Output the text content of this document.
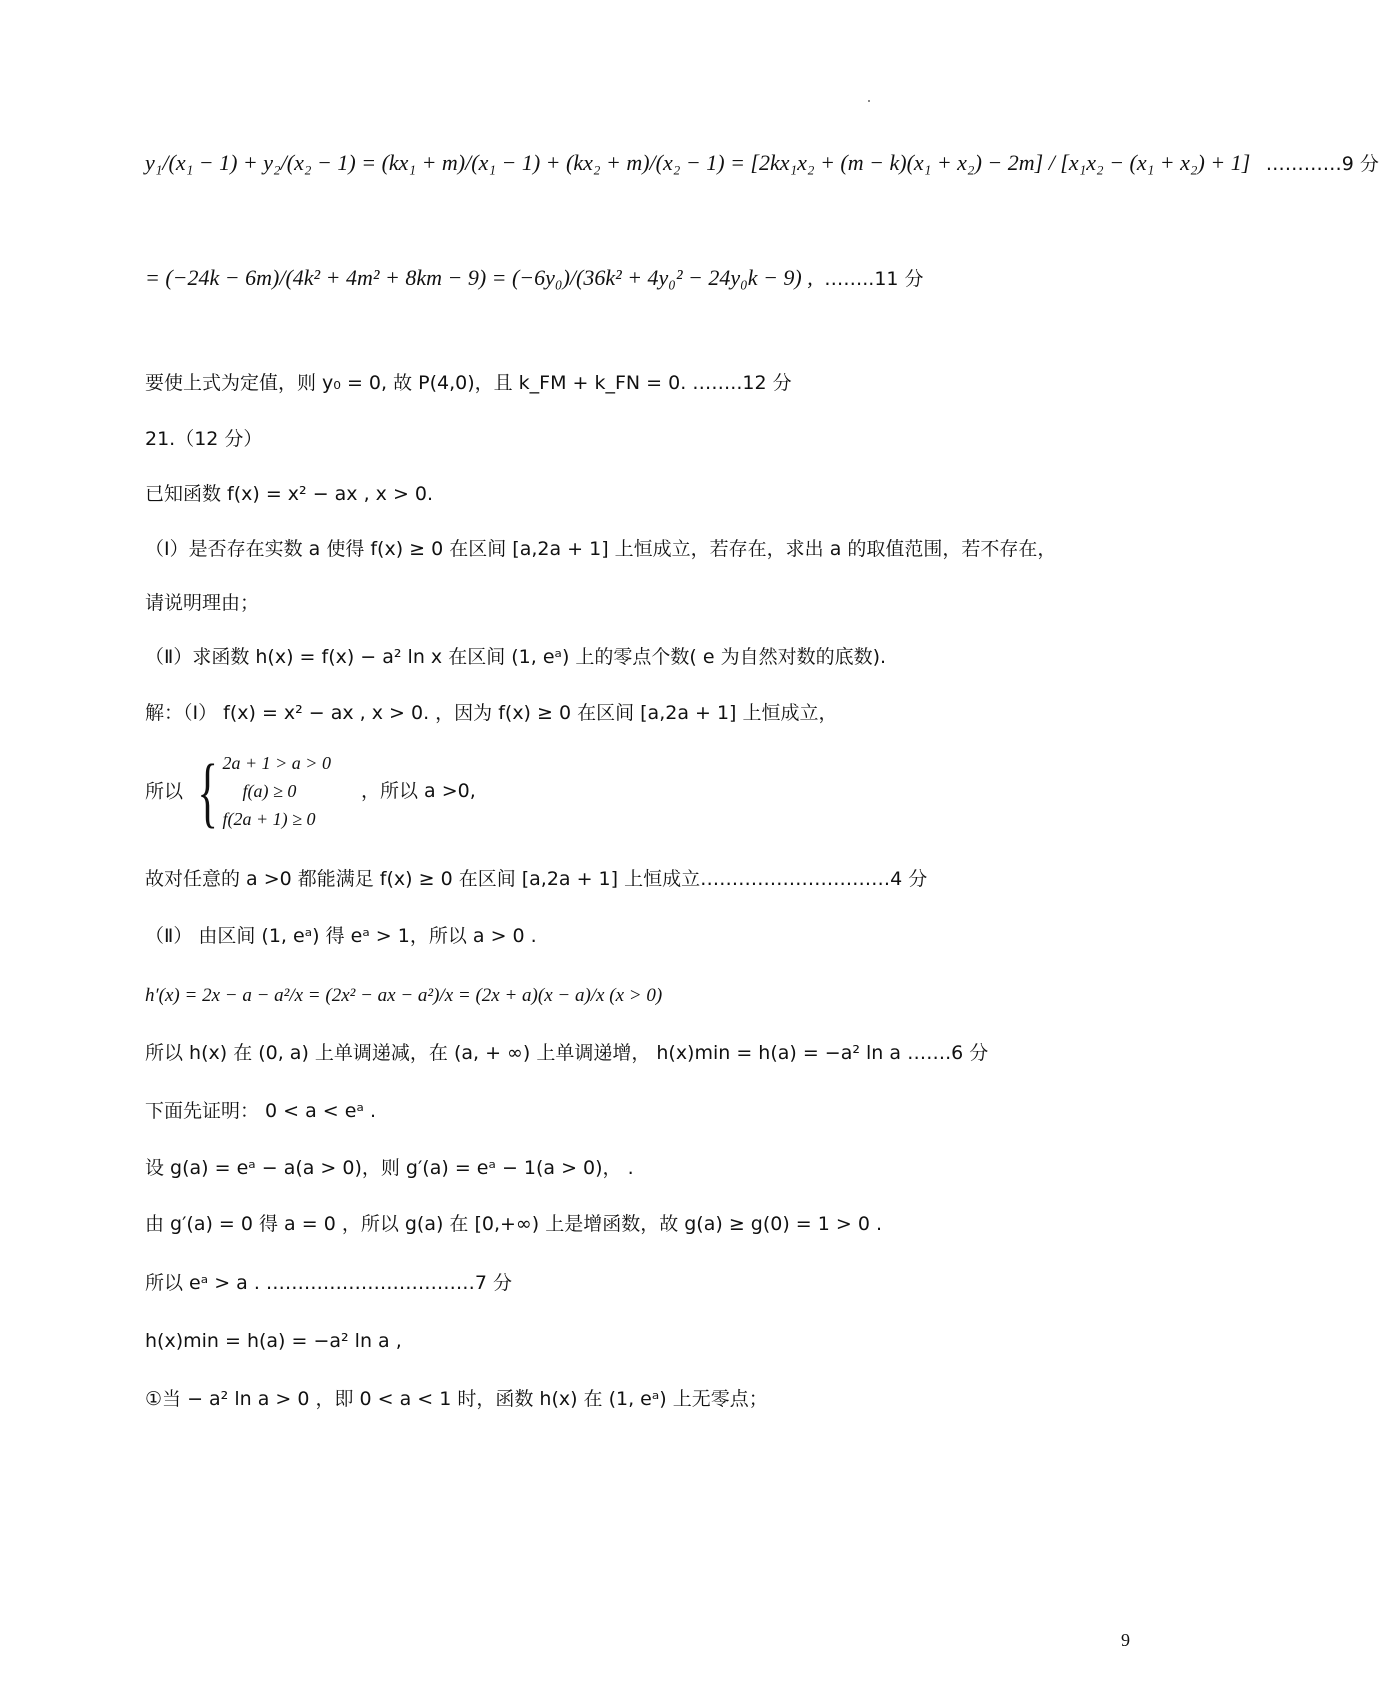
y₁/(x₁ − 1) + y₂/(x₂ − 1) = (kx₁ + m)/(x₁ − 1) + (kx₂ + m)/(x₂ − 1) = [2kx₁x₂ + (m − k)(x₁ + x₂) − 2m] / [x₁x₂ − (x₁ + x₂) + 1] …………9 分
= (−24k − 6m)/(4k² + 4m² + 8km − 9) = (−6y₀)/(36k² + 4y₀² − 24y₀k − 9) , ……..11 分
要使上式为定值，则 y₀ = 0, 故 P(4,0)，且 k_FM + k_FN = 0. ……..12 分
21.（12 分）
已知函数 f(x) = x² − ax , x > 0.
（Ⅰ）是否存在实数 a 使得 f(x) ≥ 0 在区间 [a,2a + 1] 上恒成立，若存在，求出 a 的取值范围，若不存在，
请说明理由；
（Ⅱ）求函数 h(x) = f(x) − a² ln x 在区间 (1, eᵃ) 上的零点个数( e 为自然对数的底数).
解：（Ⅰ） f(x) = x² − ax , x > 0. ，因为 f(x) ≥ 0 在区间 [a,2a + 1] 上恒成立，
所以 { 2a + 1 > a > 0
f(a) ≥ 0
f(2a + 1) ≥ 0
，所以 a >0,
故对任意的 a >0 都能满足 f(x) ≥ 0 在区间 [a,2a + 1] 上恒成立…………………………4 分
（Ⅱ） 由区间 (1, eᵃ) 得 eᵃ > 1，所以 a > 0 .
h′(x) = 2x − a − a²/x = (2x² − ax − a²)/x = (2x + a)(x − a)/x (x > 0)
所以 h(x) 在 (0, a) 上单调递减，在 (a, + ∞) 上单调递增， h(x)min = h(a) = −a² ln a …….6 分
下面先证明： 0 < a < eᵃ .
设 g(a) = eᵃ − a(a > 0)，则 g′(a) = eᵃ − 1(a > 0)， .
由 g′(a) = 0 得 a = 0 ，所以 g(a) 在 [0,+∞) 上是增函数，故 g(a) ≥ g(0) = 1 > 0 .
所以 eᵃ > a . ……………………………7 分
h(x)min = h(a) = −a² ln a ,
①当 − a² ln a > 0 ，即 0 < a < 1 时，函数 h(x) 在 (1, eᵃ) 上无零点；
9
